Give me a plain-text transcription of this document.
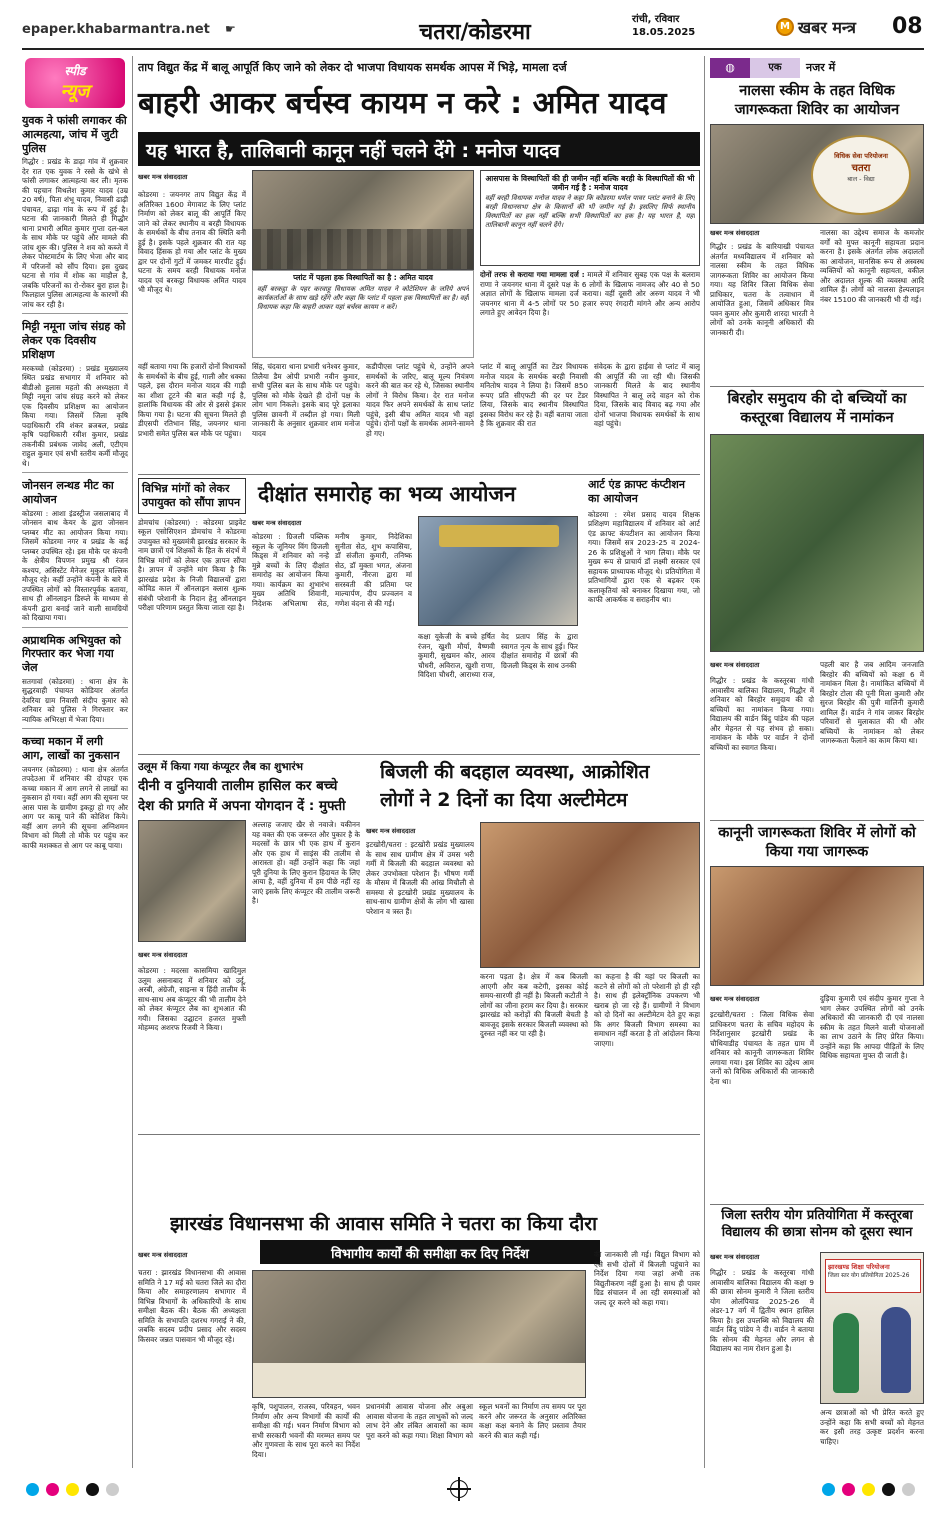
epaper.khabarmantra.net ☛	चतरा/कोडरमा
रांची, रविवार
18.05.2025	M खबर मन्त्र 08
स्पीड
न्यूज
युवक ने फांसी लगाकर की आत्महत्या, जांच में जुटी पुलिस
गिद्धौर : प्रखंड के डाढ़ा गांव में शुक्रवार देर रात एक युवक ने रस्से के खंभे से फांसी लगाकर आत्महत्या कर ली। मृतक की पहचान मिथलेश कुमार यादव (उम्र 20 वर्ष), पिता शंभू यादव, निवासी ढाढ़ी पंचायत, ढाढ़ा गांव के रूप में हुई है। घटना की जानकारी मिलते ही गिद्धौर थाना प्रभारी अमित कुमार गुप्ता दल-बल के साथ मौके पर पहुंचे और मामले की जांच शुरू की। पुलिस ने शव को कब्जे में लेकर पोस्टमार्टम के लिए भेजा और बाद में परिजनों को सौंप दिया। इस दुखद घटना से गांव में शोक का माहौल है, जबकि परिजनों का रो-रोकर बुरा हाल है। फिलहाल पुलिस आत्महत्या के कारणों की जांच कर रही है।
मिट्टी नमूना जांच संग्रह को लेकर एक दिवसीय प्रशिक्षण
मरकच्चो (कोडरमा) : प्रखंड मुख्यालय स्थित प्रखंड सभागार में शनिवार को बीडीओ हुलास महतो की अध्यक्षता में मिट्टी नमूना जांच संग्रह करने को लेकर एक दिवसीय प्रशिक्षण का आयोजन किया गया। जिसमें जिला कृषि पदाधिकारी रवि शंकर ब्रजबल, प्रखंड कृषि पदाधिकारी रवीश कुमार, प्रखंड तकनीकी प्रबंधक जावेद अली, एटीएम राहुल कुमार एवं सभी स्तरीय कर्मी मौजूद थे।
जोनसन लन्थड मीट का आयोजन
कोडरमा : आशा इंडस्ट्रीज जसलाबाद में जोनसन बाथ केयर के द्वारा जोनसन प्लम्बर मीट का आयोजन किया गया। जिसमें कोडरमा नगर व प्रखंड के कई प्लम्बर उपस्थित रहे। इस मौके पर कंपनी के क्षेत्रीय विपणन प्रमुख श्री रंजन कश्यप, असिस्टेंट मैनेजर मुकुल मल्लिक मौजूद रहे। कहीं उन्होंने कंपनी के बारे में उपस्थित लोगों को विस्तारपूर्वक बताया, साथ ही ऑनलाइन डिस्प्ले के माध्यम से कंपनी द्वारा बनाई जाने वाली सामग्रियों को दिखाया गया।
अप्राथमिक अभियुक्त को गिरफ्तार कर भेजा गया जेल
सतगावां (कोडरमा) : थाना क्षेत्र के सुद्धरवाही पंचायत कोडियार अंतर्गत देवरिया ग्राम निवासी संदीप कुमार को शनिवार को पुलिस ने गिरफ्तार कर न्यायिक अभिरक्षा में भेजा दिया।
कच्चा मकान में लगी आग, लाखों का नुकसान
जयनगर (कोडरमा) : थाना क्षेत्र अंतर्गत तपदेउआ में शनिवार की दोपहर एक कच्चा मकान में आग लगने से लाखों का नुकसान हो गया। वहीं आग की सूचना पर आस पास के ग्रामीण इकट्ठा हो गए और आग पर काबू पाने की कोशिश किये। वहीं आग लगने की सूचना अग्निशमन विभाग को मिली तो मौके पर पहुंच कर काफी मशक्कत से आग पर काबू पाया।
ताप विद्युत केंद्र में बालू आपूर्ति किए जाने को लेकर दो भाजपा विधायक समर्थक आपस में भिड़े, मामला दर्ज
बाहरी आकर बर्चस्व कायम न करे : अमित यादव
यह भारत है, तालिबानी कानून नहीं चलने देंगे : मनोज यादव
खबर मन्त्र संवाददाता
कोडरमा : जयनगर ताप विद्युत केंद्र में अतिरिक्त 1600 मेगावाट के लिए प्लांट निर्माण को लेकर बालू की आपूर्ति किए जाने को लेकर स्थानीय व बरही विधायक के समर्थकों के बीच तनाव की स्थिति बनी हुई है। इसके पहले शुक्रवार की रात यह विवाद हिंसक हो गया और प्लांट के मुख्य द्वार पर दोनों गुटों में जमकर मारपीट हुई। घटना के समय बरही विधायक मनोज यादव एवं बरकट्ठा विधायक अमित यादव भी मौजूद थे।
प्लांट में पहला हक विस्थापितों का है : अमित यादव
वहीं बरकट्ठा के पहर करवाहू विधायक अमित यादव ने कोटेशियन के जरिये अपने कार्यकर्ताओं के साथ खड़े रहेंगे और कहा कि प्लांट में पहला हक विस्थापितों का है। वहीं विधायक कहा कि बाहरी आकर यहां बर्चस्व कायम न करें।
आसपास के विस्थापितों की ही जमीन नहीं बल्कि बरही के विस्थापितों की भी जमीन गई है : मनोज यादव
वहीं बरही विधायक मनोज यादव ने कहा कि कोडरमा थर्मल पावर प्लांट बनाने के लिए बरही विधानसभा क्षेत्र के किसानों की भी जमीन गई है। इसलिए सिर्फ स्थानीय विस्थापितों का हक नहीं बल्कि सभी विस्थापितों का हक है। यह भारत है, यहां तालिबानी कानून नहीं चलने देंगे।
दोनों तरफ से कराया गया मामला दर्ज : मामले में शनिवार सुबह एक पक्ष के बलराम राणा ने जयनगर थाना में दूसरे पक्ष के 6 लोगों के खिलाफ नामजद और 40 से 50 अज्ञात लोगों के खिलाफ मामला दर्ज कराया। वहीं दूसरी ओर अरुण यादव ने भी जयनगर थाना में 4-5 लोगों पर 50 हजार रुपए रंगदारी मांगने और अन्य आरोप लगाते हुए आवेदन दिया है।
वहीं बताया गया कि हजारों दोनों विधायकों के समर्थकों के बीच हुई, गाली और धक्का पहले, इस दौरान मनोज यादव की गाड़ी का शीशा टूटने की बात कही गई है, हालांकि विधायक की ओर से इससे इंकार किया गया है। घटना की सूचना मिलते ही डीएसपी रतिभान सिंह, जयनगर थाना प्रभारी समेत पुलिस बल मौके पर पहुंचा।
सिंह, चंदवारा थाना प्रभारी धनेश्वर कुमार, तिलैया डैम ओपी प्रभारी नवीन कुमार, सभी पुलिस बल के साथ मौके पर पहुंचे। पुलिस को मौके देखते ही दोनों पक्ष के लोग भाग निकले। इसके बाद पूरे इलाका पुलिस छावनी में तब्दील हो गया। मिली जानकारी के अनुसार शुक्रवार शाम मनोज यादव
कडीपीएस प्लांट पहुंचे थे, उन्होंने अपने समर्थकों के जरिए, बालू मूल्य नियंत्रण करने की बात कर रहे थे, जिसका स्थानीय लोगों ने विरोध किया। देर रात मनोज यादव फिर अपने समर्थकों के साथ प्लांट पहुंचे, इसी बीच अमित यादव भी वहां पहुंचे। दोनों पक्षों के समर्थक आमने-सामने हो गए।
प्लांट में बालू आपूर्ति का टेंडर विधायक मनोज यादव के समर्थक बरही निवासी मनितोष यादव ने लिया है। जिसमें 850 रूपए प्रति सीएफटी की दर पर टेंडर लिया, जिसके बाद स्थानीय विस्थापित इसका विरोध कर रहे हैं। वहीं बताया जाता है कि शुक्रवार की रात
संवेदक के द्वारा हाईवा से प्लांट में बालू की आपूर्ति की जा रही थी। जिसकी जानकारी मिलते के बाद स्थानीय विस्थापित ने बालू लदे वाहन को रोक दिया, जिसके बाद विवाद बढ़ गया और दोनों भाजपा विधायक समर्थकों के साथ वहां पहुंचे।
विभिन्न मांगों को लेकर उपायुक्त को सौंपा ज्ञापन
डोमचांच (कोडरमा) : कोडरमा प्राइवेट स्कूल एसोसिएशन डोमचांच ने कोडरमा उपायुक्त को मुख्यमंत्री झारखंड सरकार के नाम छात्रों एवं शिक्षकों के हित के संदर्भ में विभिन्न मांगों को लेकर एक ज्ञापन सौंपा है। ज्ञापन में उन्होंने मांग किया है कि झारखंड प्रदेश के निजी विद्यालयों द्वारा कोविड काल में ऑनलाइन क्लास शुल्क संबंधी परेशानी के निदान हेतु ऑनलाइन परीक्षा परिणाम प्रस्तुत किया जाता रहा है।
दीक्षांत समारोह का भव्य आयोजन
खबर मन्त्र संवाददाता
कोडरमा : ग्रिजली पब्लिक स्कूल के जूनियर विंग ग्रिजली किड्स में शनिवार को नन्हे मुन्ने बच्चों के लिए दीक्षांत समारोह का आयोजन किया गया। कार्यक्रम का शुभारंभ मुख्य अतिथि शिवानी, निदेशक अभिलाषा सेठ, मनीष कुमार, निदेशिका सुनीता सेठ, शुभ कपासिया, डॉ संजीता कुमारी, तनिष्क सेठ, डॉ मुक्ता भगत, अंजना कुमारी, नीरजा द्वारा मां सरस्वती की प्रतिमा पर माल्यार्पण, दीप प्रज्वलन व गणेश वंदना से की गई।
कक्षा यूकेजी के बच्चे हर्षित रंजन, खुशी मौर्या, वैष्णवी कुमारी, सुखमन कौर, आरव चौधरी, अविराज, खुशी राणा, विदिशा चौधरी, आराध्या राज, वेद प्रताप सिंह के द्वारा स्वागत नृत्य के साथ हुई। फिर दीक्षांत समारोह में छात्रों की ग्रिजली किड्स के साथ उनकी
आर्ट एंड क्राफ्ट कंप्टीशन का आयोजन
कोडरमा : रमेश प्रसाद यादव शिक्षक प्रशिक्षण महाविद्यालय में शनिवार को आर्ट एंड क्राफ्ट कंपटीशन का आयोजन किया गया। जिसमें सत्र 2023-25 व 2024-26 के प्रशिक्षुओं ने भाग लिया। मौके पर मुख्य रूप से प्राचार्य डॉ लक्ष्मी सरकार एवं सहायक प्राध्यापक मौजूद थे। प्रतियोगिता में प्रतिभागियों द्वारा एक से बढ़कर एक कलाकृतियां को बनाकर दिखाया गया, जो काफी आकर्षक व सराहनीय था।
उलूम में किया गया कंप्यूटर लैब का शुभारंभ
दीनी व दुनियावी तालीम हासिल कर बच्चे
देश की प्रगति में अपना योगदान दें : मुफ्ती
खबर मन्त्र संवाददाता
कोडरमा : मदरसा कासमिया खादिमुल उलूम असनाबाद में शनिवार को उर्दू, अरबी, अंग्रेजी, साइन्स व हिंदी तालीम के साथ-साथ अब कंप्यूटर की भी तालीम देने को लेकर कंप्यूटर लैब का शुभआत की गयी। जिसका उद्घाटन हजरत मुफ्ती मोहम्मद अशरफ रिजवी ने किया।
अल्लाह जजाए खैर से नवाजे। यकीनन यह वक्त की एक जरूरत और पुकार है के मदरसों के छात्र भी एक हाथ में कुरान और एक हाथ में साइंस की तालीम से आरास्ता हो। वहीं उन्होंने कहा कि जहां पूरी दुनिया के लिए कुरान हिदायत के लिए आया है, वहीं दुनिया में हम पीछे नहीं रह जाएं इसके लिए कंप्यूटर की तालीम जरूरी है।
बिजली की बदहाल व्यवस्था, आक्रोशित
लोगों ने 2 दिनों का दिया अल्टीमेटम
खबर मन्त्र संवाददाता
इटखोरी/चतरा : इटखोरी प्रखंड मुख्यालय के साथ साथ ग्रामीण क्षेत्र में उमस भरी गर्मी में बिजली की बदहाल व्यवस्था को लेकर उपभोक्ता परेशान हैं। भीषण गर्मी के मौसम में बिजली की आंख मिचौली से समस्या से इटखोरी प्रखंड मुख्यालय के साथ-साथ ग्रामीण क्षेत्रों के लोग भी खासा परेशान व त्रस्त हैं।
करना पड़ता है। क्षेत्र में कब बिजली आएगी और कब कटेगी, इसका कोई समय-सारणी ही नहीं है। बिजली कटौती ने लोगों का जीना हराम कर दिया है। सरकार झारखंड को करोड़ों की बिजली बेचती है बावजूद इसके सरकार बिजली व्यवस्था को दुरुस्त नहीं कर पा रही है।
का कहना है की यहां पर बिजली का कटने से लोगों को तो परेशानी हो ही रही है। साथ ही इलेक्ट्रॉनिक उपकरण भी खराब हो जा रहे हैं। ग्रामीणों ने विभाग को दो दिनों का अल्टीमेटम देते हुए कहा कि अगर बिजली विभाग समस्या का समाधान नहीं करता है तो आंदोलन किया जाएगा।
झारखंड विधानसभा की आवास समिति ने चतरा का किया दौरा
विभागीय कार्यों की समीक्षा कर दिए निर्देश
खबर मन्त्र संवाददाता
चतरा : झारखंड विधानसभा की आवास समिति ने 17 मई को चतरा जिले का दौरा किया और समाहरणालय सभागार में विभिन्न विभागों के अधिकारियों के साथ समीक्षा बैठक की। बैठक की अध्यक्षता समिति के सभापति दशरथ गगराई ने की, जबकि सदस्य प्रदीप प्रसाद और सदस्य किसवर जन्नत पासवान भी मौजूद रहे।
कृषि, पशुपालन, राजस्व, परिवहन, भवन निर्माण और अन्य विभागों की कार्यों की समीक्षा की गई। भवन निर्माण विभाग को सभी सरकारी भवनों की मरम्मत समय पर और गुणवत्ता के साथ पूरा करने का निर्देश दिया।
प्रधानमंत्री आवास योजना और अबुआ आवास योजना के तहत लाभुकों को जल्द लाभ देने और लंबित आवासों का काम पूरा करने को कहा गया। शिक्षा विभाग को स्कूल भवनों का निर्माण तय समय पर पूरा करने और जरूरत के अनुसार अतिरिक्त कक्षा कक्ष बनाने के लिए प्रस्ताव तैयार करने की बात कही गई।
की जानकारी ली गई। विद्युत विभाग को ऐसे सभी दोलों में बिजली पहुंचाने का निर्देश दिया गया जहां अभी तक विद्युतीकरण नहीं हुआ है। साथ ही पावर ग्रिड संचालन में आ रही समस्याओं को जल्द दूर करने को कहा गया।
◍	एक	नजर में
नालसा स्कीम के तहत विधिक जागरूकता शिविर का आयोजन
विधिक सेवा परियोजना
चतरा
बाल - विद्या
खबर मन्त्र संवाददाता
गिद्धौर : प्रखंड के बारियाखी पंचायत अंतर्गत मध्यविद्यालय में शनिवार को नालसा स्कीम के तहत विधिक जागरूकता शिविर का आयोजन किया गया। यह शिविर जिला विधिक सेवा प्राधिकार, चतरा के तत्वाधान में आयोजित हुआ, जिसमें अधिकार मित्र पवन कुमार और कुमारी शारदा भारती ने लोगों को उनके कानूनी अधिकारों की जानकारी दी।
नालसा का उद्देश्य समाज के कमजोर वर्गों को मुफ्त कानूनी सहायता प्रदान करना है। इसके अंतर्गत लोक अदालतों का आयोजन, मानसिक रूप से अस्वस्थ व्यक्तियों को कानूनी सहायता, वकील और अदालत शुल्क की व्यवस्था आदि शामिल हैं। लोगों को नालसा हेल्पलाइन नंबर 15100 की जानकारी भी दी गई।
बिरहोर समुदाय की दो बच्चियों का कस्तूरबा विद्यालय में नामांकन
खबर मन्त्र संवाददाता
गिद्धौर : प्रखंड के कस्तूरबा गांधी आवासीय बालिका विद्यालय, गिद्धौर में शनिवार को बिरहोर समुदाय की दो बच्चियों का नामांकन किया गया। विद्यालय की वार्डन बिंदु पांडेय की पहल और मेहनत से यह संभव हो सका। नामांकन के मौके पर वार्डन ने दोनों बच्चियों का स्वागत किया।
पहली बार है जब आदिम जनजाति बिरहोर की बच्चियों को कक्षा 6 में नामांकन मिला है। नामांकित बच्चियों में बिरहोर टोला की पूनी मिला कुमारी और सुरज बिरहोर की पुत्री मालिनी कुमारी शामिल हैं। वार्डन ने गांव जाकर बिरहोर परिवारों से मुलाकात की थी और बच्चियों के नामांकन को लेकर जागरूकता फैलाने का काम किया था।
कानूनी जागरूकता शिविर में लोगों को किया गया जागरूक
खबर मन्त्र संवाददाता
इटखोरी/चतरा : जिला विधिक सेवा प्राधिकरण चतरा के सचिव महोदय के निर्देशानुसार इटखोरी प्रखंड के चौथियाडीह पंचायत के तहत ग्राम में शनिवार को कानूनी जागरूकता शिविर लगाया गया। इस शिविर का उद्देश्य आम जनों को विधिक अधिकारों की जानकारी देना था।
दुड़िया कुमारी एवं संदीप कुमार गुप्ता ने भाग लेकर उपस्थित लोगों को उनके अधिकारों की जानकारी दी एवं नालसा स्कीम के तहत मिलने वाली योजनाओं का लाभ उठाने के लिए प्रेरित किया। उन्होंने कहा कि आपदा पीड़ितों के लिए विधिक सहायता मुफ्त दी जाती है।
जिला स्तरीय योग प्रतियोगिता में कस्तूरबा विद्यालय की छात्रा सोनम को दूसरा स्थान
खबर मन्त्र संवाददाता
गिद्धौर : प्रखंड के कस्तूरबा गांधी आवासीय बालिका विद्यालय की कक्षा 9 की छात्रा सोनम कुमारी ने जिला स्तरीय योग ओलंपियाड 2025-26 में अंडर-17 वर्ग में द्वितीय स्थान हासिल किया है। इस उपलब्धि को विद्यालय की वार्डन बिंदु पांडेय ने दी। वार्डन ने बताया कि सोनम की मेहनत और लगन से विद्यालय का नाम रोशन हुआ है।
झारखण्ड शिक्षा परियोजना
जिला स्तर योग प्रतियोगिता 2025-26
अन्य छात्राओं को भी प्रेरित करते हुए उन्होंने कहा कि सभी बच्चों को मेहनत कर इसी तरह उत्कृष्ट प्रदर्शन करना चाहिए।
